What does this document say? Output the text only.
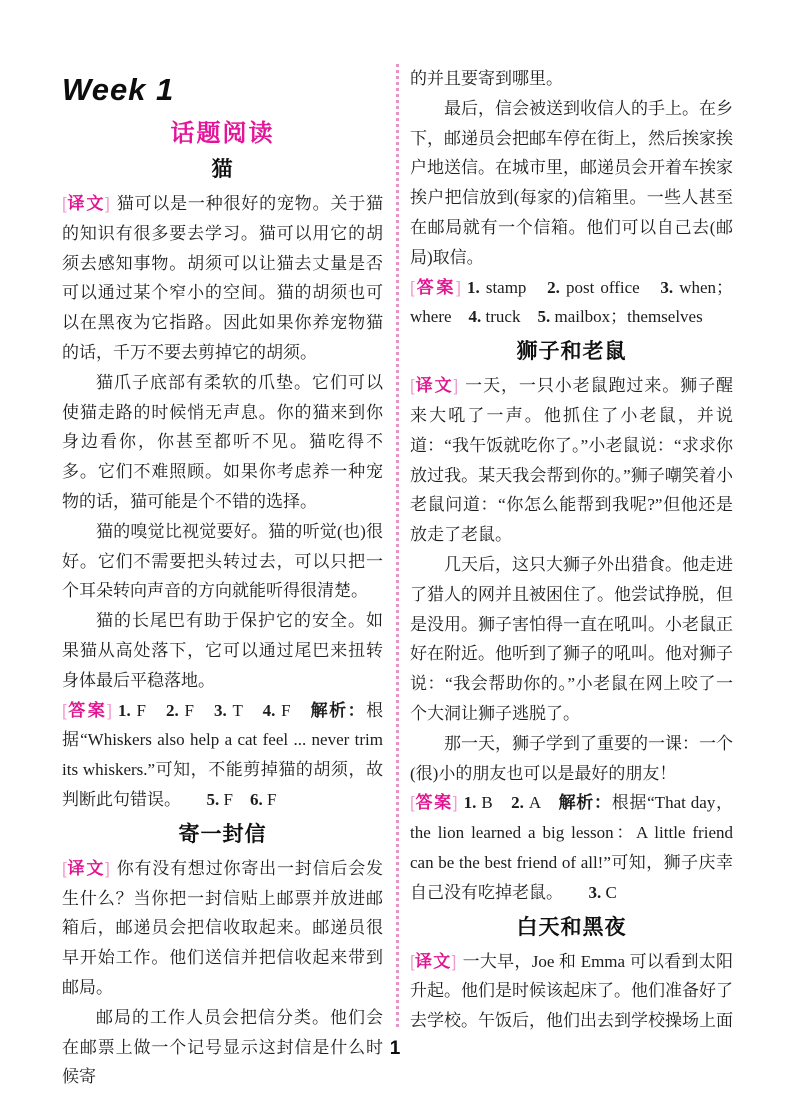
Week 1
话题阅读
猫

[译文] 猫可以是一种很好的宠物。关于猫的知识有很多要去学习。猫可以用它的胡须去感知事物。胡须可以让猫去丈量是否可以通过某个窄小的空间。猫的胡须也可以在黑夜为它指路。因此如果你养宠物猫的话，千万不要去剪掉它的胡须。

猫爪子底部有柔软的爪垫。它们可以使猫走路的时候悄无声息。你的猫来到你身边看你，你甚至都听不见。猫吃得不多。它们不难照顾。如果你考虑养一种宠物的话，猫可能是个不错的选择。

猫的嗅觉比视觉要好。猫的听觉(也)很好。它们不需要把头转过去，可以只把一个耳朵转向声音的方向就能听得很清楚。

猫的长尾巴有助于保护它的安全。如果猫从高处落下，它可以通过尾巴来扭转身体最后平稳落地。

[答案] 1. F　 2. F　 3. T　 4. F　 解析：根据“Whiskers also help a cat feel ... never trim its whiskers.”可知，不能剪掉猫的胡须，故判断此句错误。　　 5. F　 6. F

寄一封信

[译文] 你有没有想过你寄出一封信后会发生什么？当你把一封信贴上邮票并放进邮箱后，邮递员会把信收取起来。邮递员很早开始工作。他们送信并把信收起来带到邮局。

邮局的工作人员会把信分类。他们会在邮票上做一个记号显示这封信是什么时候寄

的并且要寄到哪里。

最后，信会被送到收信人的手上。在乡下，邮递员会把邮车停在街上，然后挨家挨户地送信。在城市里，邮递员会开着车挨家挨户把信放到(每家的)信箱里。一些人甚至在邮局就有一个信箱。他们可以自己去(邮局)取信。

[答案] 1. stamp　 2. post office　 3. when；where　 4. truck　 5. mailbox；themselves

狮子和老鼠

[译文] 一天，一只小老鼠跑过来。狮子醒来大吼了一声。他抓住了小老鼠，并说道：“我午饭就吃你了。”小老鼠说：“求求你放过我。某天我会帮到你的。”狮子嘲笑着小老鼠问道：“你怎么能帮到我呢?”但他还是放走了老鼠。

几天后，这只大狮子外出猎食。他走进了猎人的网并且被困住了。他尝试挣脱，但是没用。狮子害怕得一直在吼叫。小老鼠正好在附近。他听到了狮子的吼叫。他对狮子说：“我会帮助你的。”小老鼠在网上咬了一个大洞让狮子逃脱了。

那一天，狮子学到了重要的一课：一个(很)小的朋友也可以是最好的朋友！

[答案] 1. B　 2. A　 解析：根据“That day，the lion learned a big lesson：A little friend can be the best friend of all!”可知，狮子庆幸自己没有吃掉老鼠。　　 3. C

白天和黑夜

[译文] 一大早，Joe 和 Emma 可以看到太阳升起。他们是时候该起床了。他们准备好了去学校。午饭后，他们出去到学校操场上面

1
